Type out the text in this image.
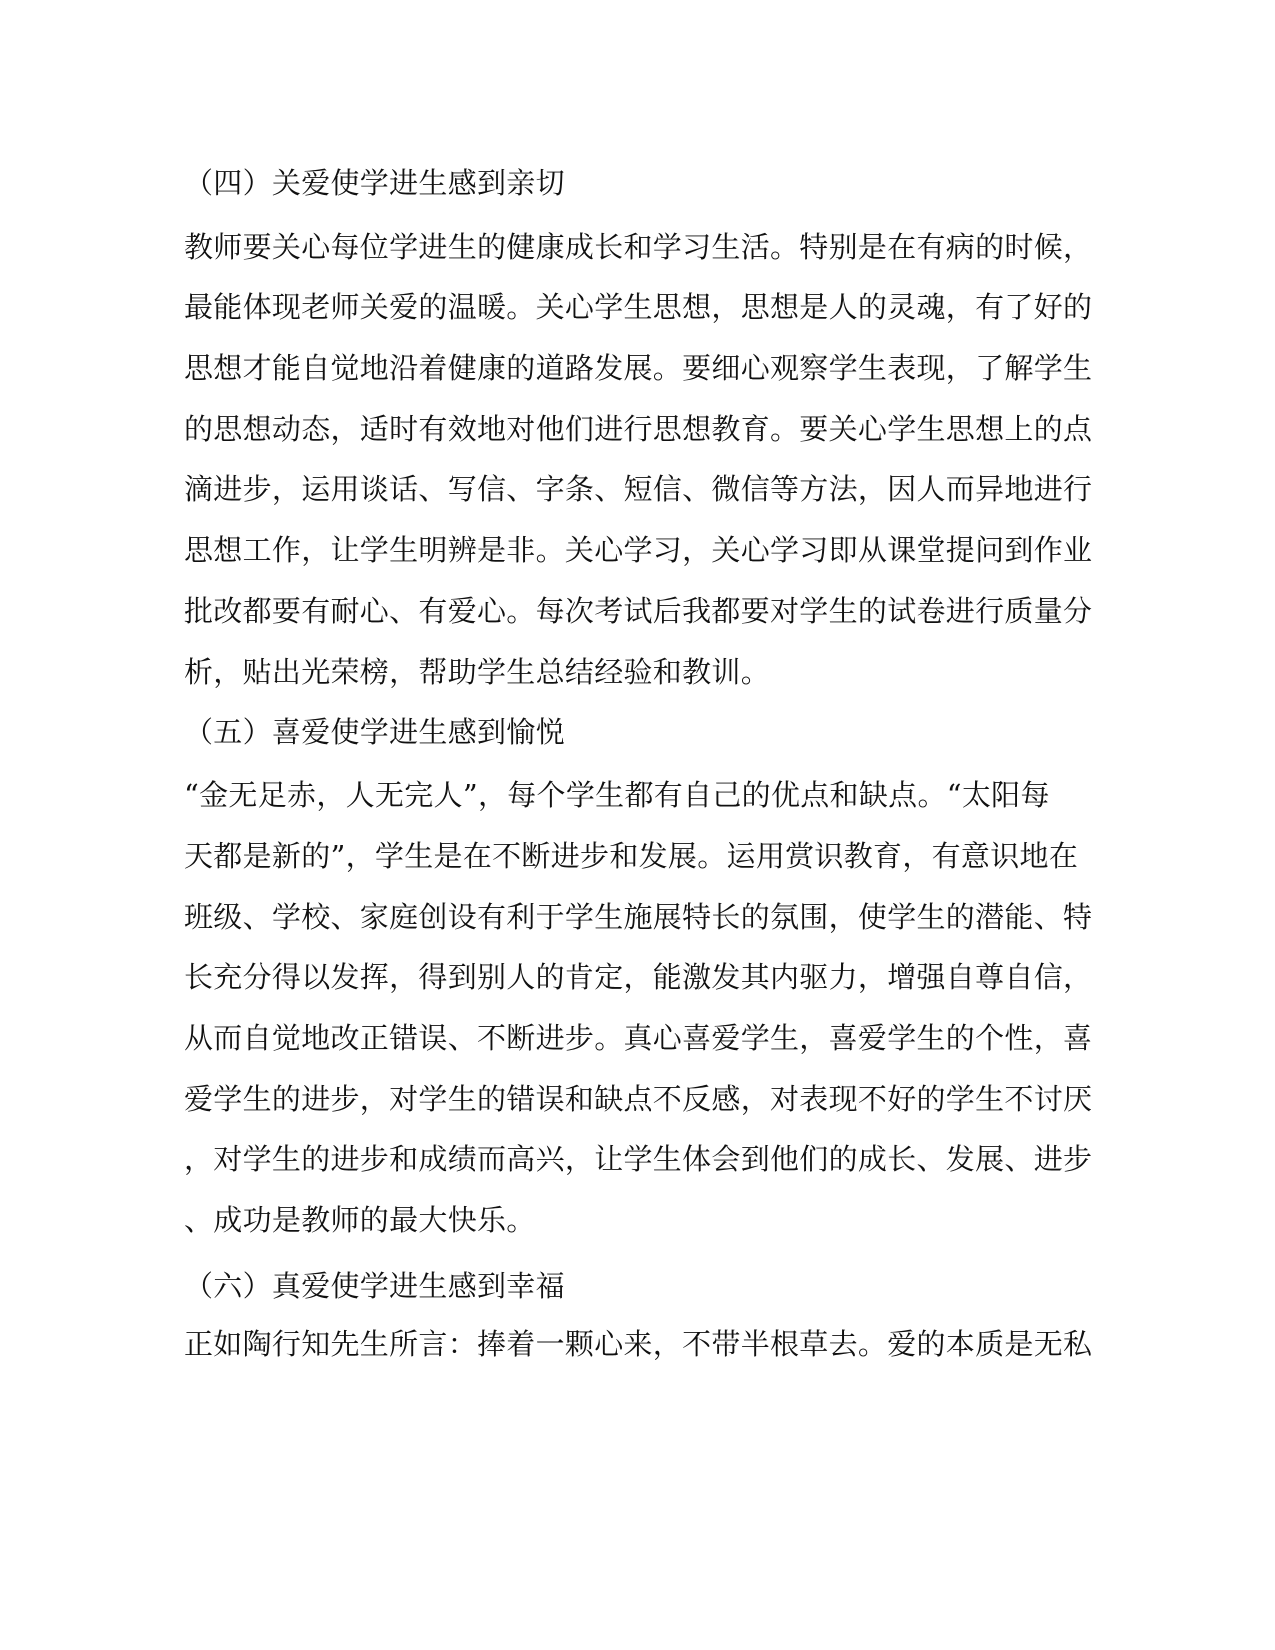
（四）关爱使学进生感到亲切
教师要关心每位学进生的健康成长和学习生活。特别是在有病的时候，
最能体现老师关爱的温暖。关心学生思想，思想是人的灵魂，有了好的
思想才能自觉地沿着健康的道路发展。要细心观察学生表现，了解学生
的思想动态，适时有效地对他们进行思想教育。要关心学生思想上的点
滴进步，运用谈话、写信、字条、短信、微信等方法，因人而异地进行
思想工作，让学生明辨是非。关心学习，关心学习即从课堂提问到作业
批改都要有耐心、有爱心。每次考试后我都要对学生的试卷进行质量分
析，贴出光荣榜，帮助学生总结经验和教训。
（五）喜爱使学进生感到愉悦
“金无足赤，人无完人”，每个学生都有自己的优点和缺点。“太阳每
天都是新的”，学生是在不断进步和发展。运用赏识教育，有意识地在
班级、学校、家庭创设有利于学生施展特长的氛围，使学生的潜能、特
长充分得以发挥，得到别人的肯定，能激发其内驱力，增强自尊自信，
从而自觉地改正错误、不断进步。真心喜爱学生，喜爱学生的个性，喜
爱学生的进步，对学生的错误和缺点不反感，对表现不好的学生不讨厌
，对学生的进步和成绩而高兴，让学生体会到他们的成长、发展、进步
、成功是教师的最大快乐。
（六）真爱使学进生感到幸福
正如陶行知先生所言：捧着一颗心来，不带半根草去。爱的本质是无私
